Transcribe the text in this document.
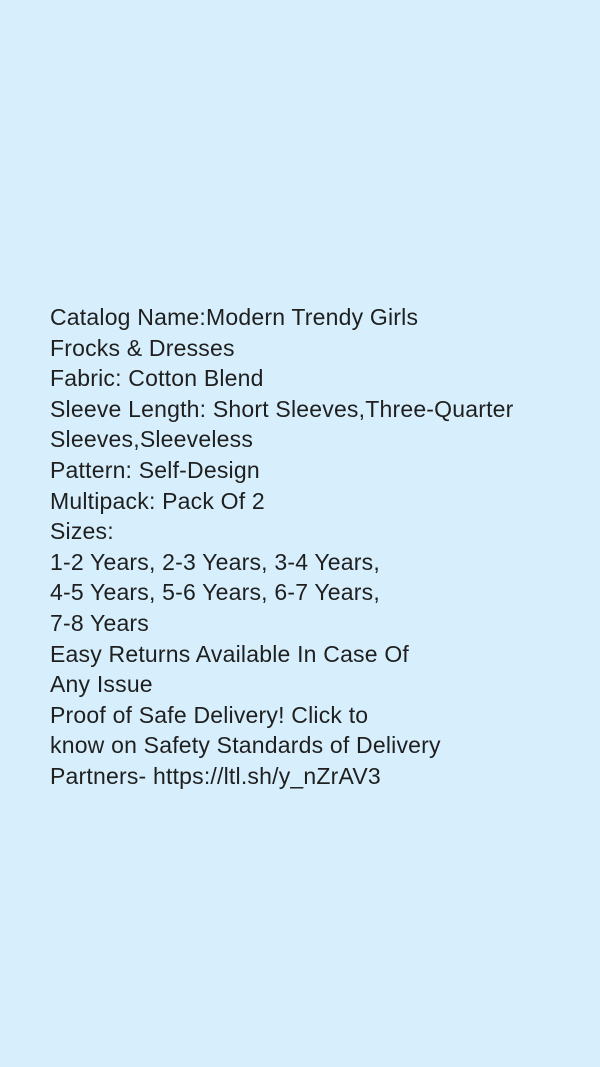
Catalog Name:Modern Trendy Girls
Frocks & Dresses
Fabric: Cotton Blend
Sleeve Length: Short Sleeves,Three-Quarter
Sleeves,Sleeveless
Pattern: Self-Design
Multipack: Pack Of 2
Sizes:
1-2 Years, 2-3 Years, 3-4 Years,
4-5 Years, 5-6 Years, 6-7 Years,
7-8 Years
Easy Returns Available In Case Of
Any Issue
Proof of Safe Delivery! Click to
know on Safety Standards of Delivery
Partners- https://ltl.sh/y_nZrAV3
